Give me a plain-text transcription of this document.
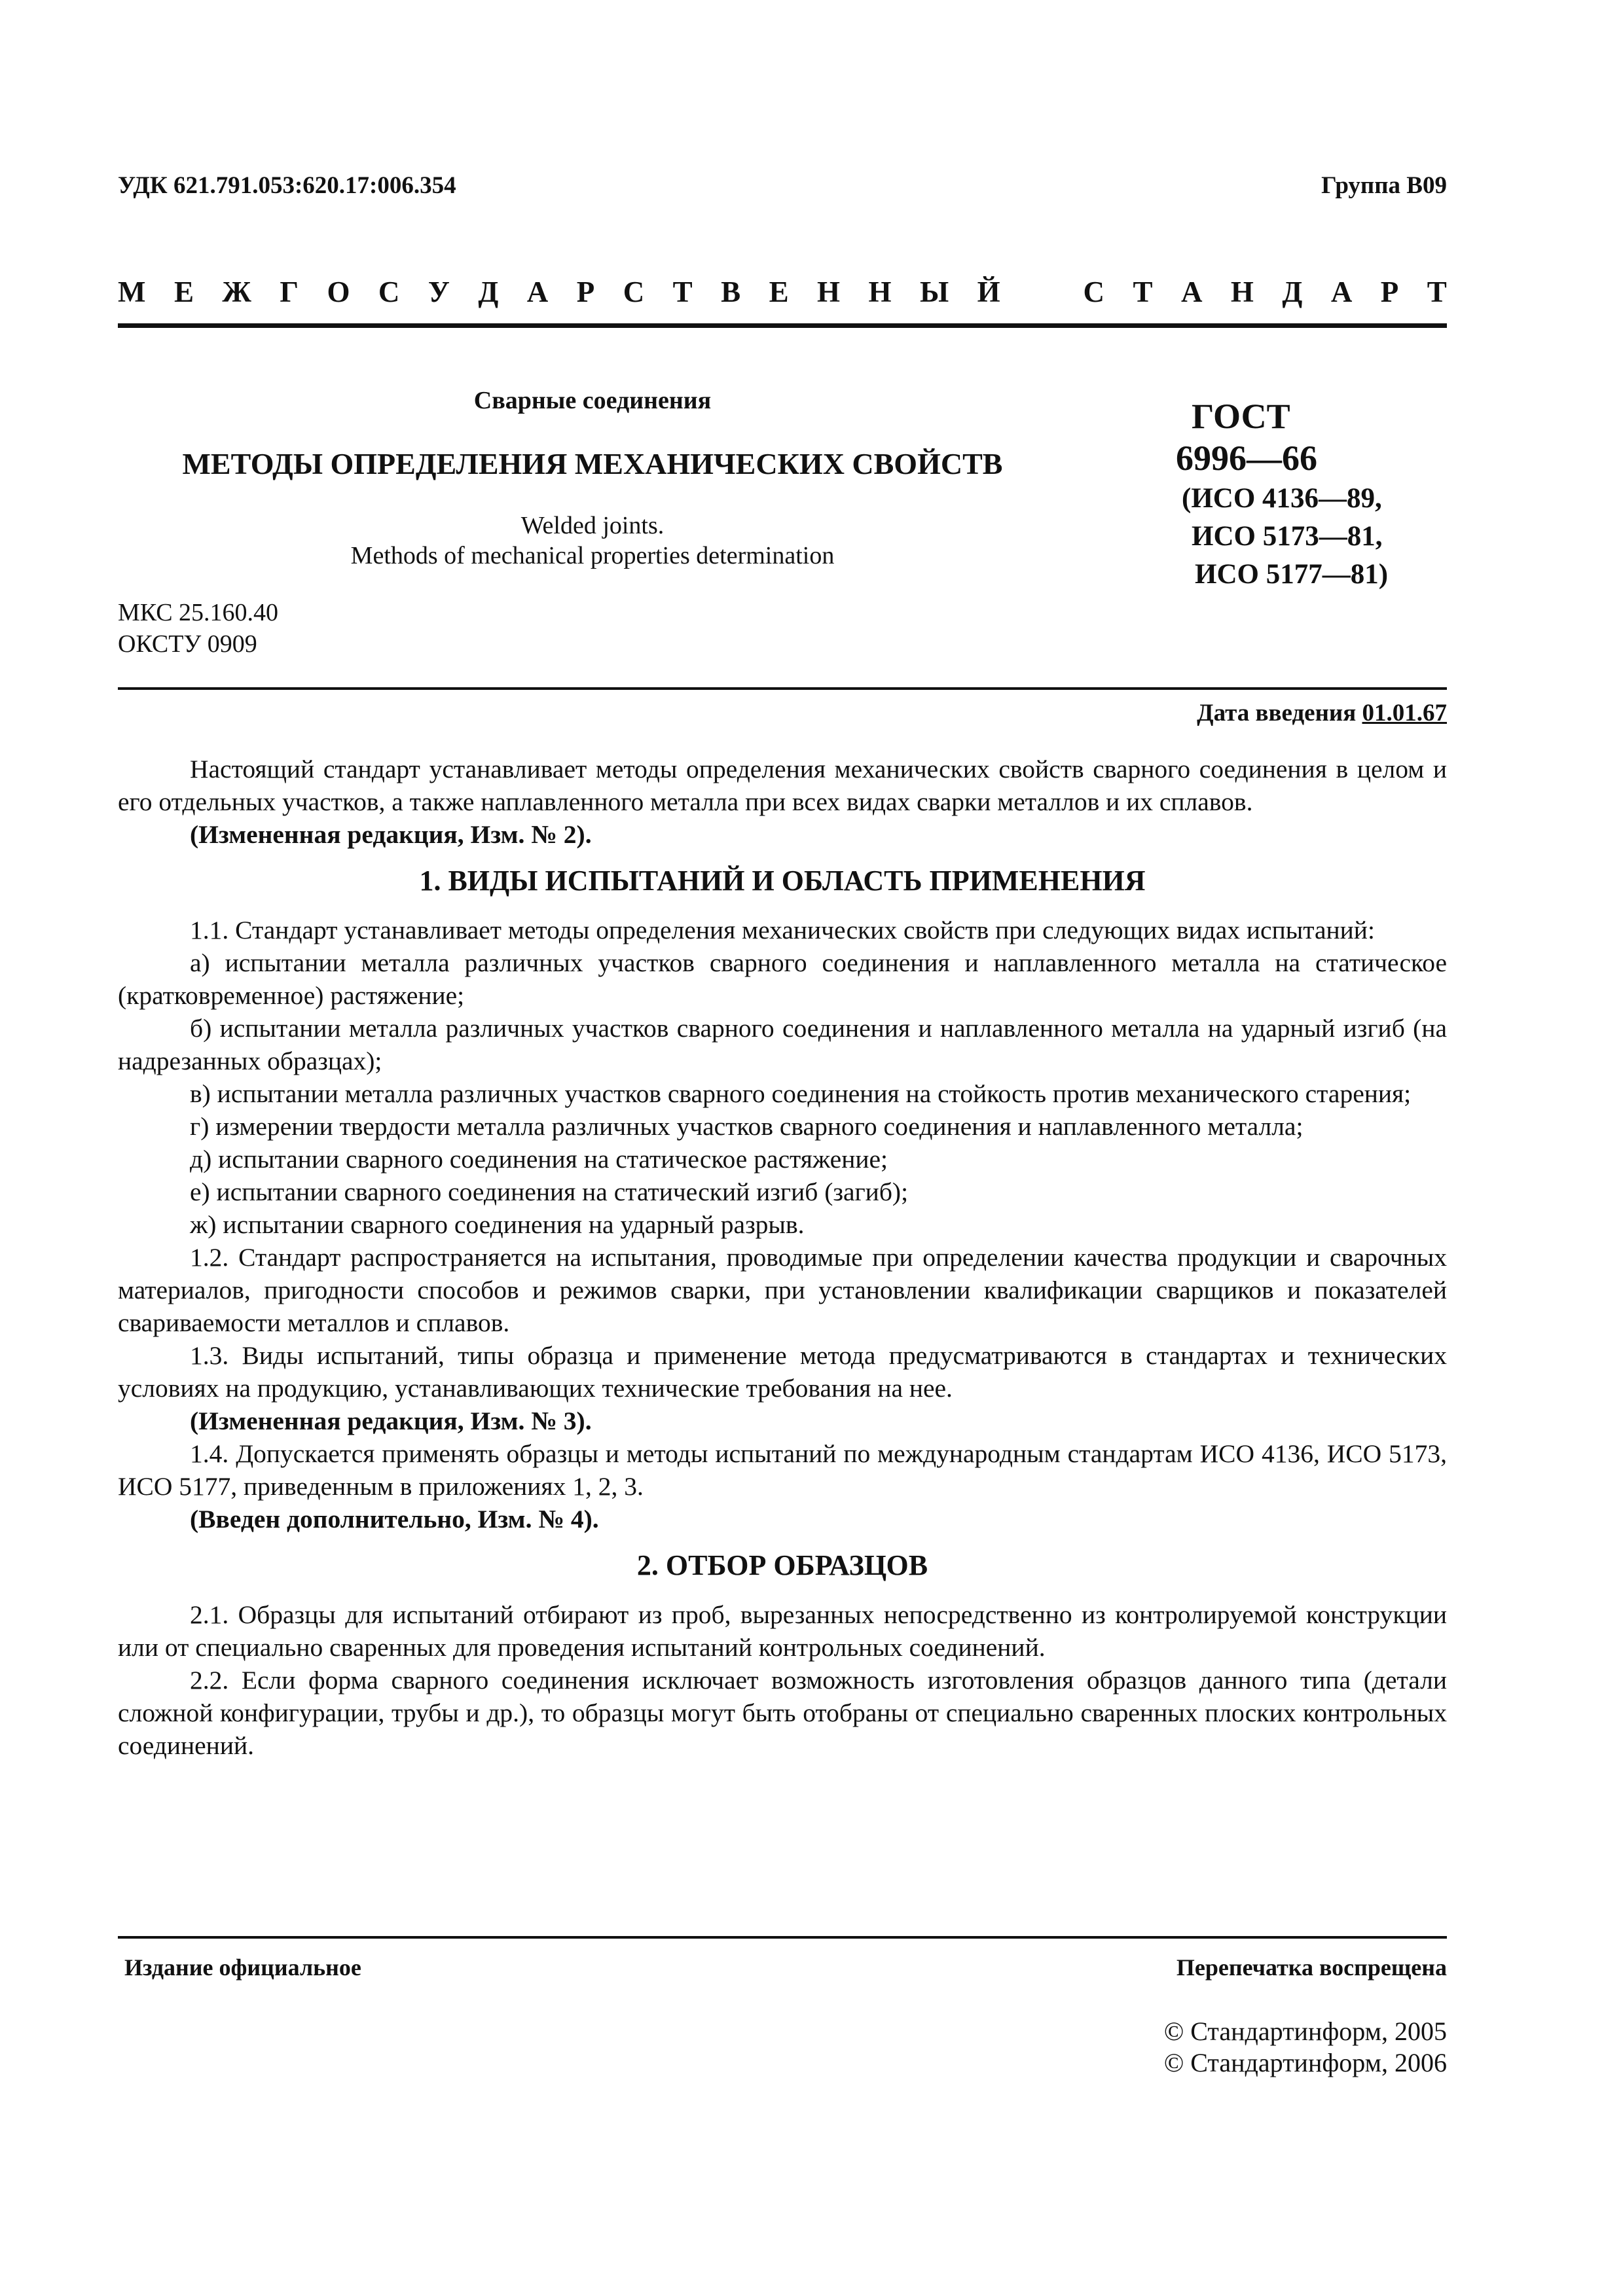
УДК 621.791.053:620.17:006.354	Группа В09
М Е Ж Г О С У Д А Р С Т В Е Н Н Ы Й	С Т А Н Д А Р Т
Сварные соединения
МЕТОДЫ ОПРЕДЕЛЕНИЯ МЕХАНИЧЕСКИХ СВОЙСТВ
Welded joints.
Methods of mechanical properties determination
МКС 25.160.40
ОКСТУ 0909
ГОСТ
6996—66
(ИСО 4136—89,
ИСО 5173—81,
ИСО 5177—81)
Дата введения 01.01.67

Настоящий стандарт устанавливает методы определения механических свойств сварного соединения в целом и его отдельных участков, а также наплавленного металла при всех видах сварки металлов и их сплавов.

(Измененная редакция, Изм. № 2).

1. ВИДЫ ИСПЫТАНИЙ И ОБЛАСТЬ ПРИМЕНЕНИЯ

1.1. Стандарт устанавливает методы определения механических свойств при следующих видах испытаний:

а) испытании металла различных участков сварного соединения и наплавленного металла на статическое (кратковременное) растяжение;

б) испытании металла различных участков сварного соединения и наплавленного металла на ударный изгиб (на надрезанных образцах);

в) испытании металла различных участков сварного соединения на стойкость против механического старения;

г) измерении твердости металла различных участков сварного соединения и наплавленного металла;

д) испытании сварного соединения на статическое растяжение;

е) испытании сварного соединения на статический изгиб (загиб);

ж) испытании сварного соединения на ударный разрыв.

1.2. Стандарт распространяется на испытания, проводимые при определении качества продукции и сварочных материалов, пригодности способов и режимов сварки, при установлении квалификации сварщиков и показателей свариваемости металлов и сплавов.

1.3. Виды испытаний, типы образца и применение метода предусматриваются в стандартах и технических условиях на продукцию, устанавливающих технические требования на нее.

(Измененная редакция, Изм. № 3).

1.4. Допускается применять образцы и методы испытаний по международным стандартам ИСО 4136, ИСО 5173, ИСО 5177, приведенным в приложениях 1, 2, 3.

(Введен дополнительно, Изм. № 4).

2. ОТБОР ОБРАЗЦОВ

2.1. Образцы для испытаний отбирают из проб, вырезанных непосредственно из контролируемой конструкции или от специально сваренных для проведения испытаний контрольных соединений.

2.2. Если форма сварного соединения исключает возможность изготовления образцов данного типа (детали сложной конфигурации, трубы и др.), то образцы могут быть отобраны от специально сваренных плоских контрольных соединений.

Издание официальное	Перепечатка воспрещена
© Стандартинформ, 2005
© Стандартинформ, 2006
